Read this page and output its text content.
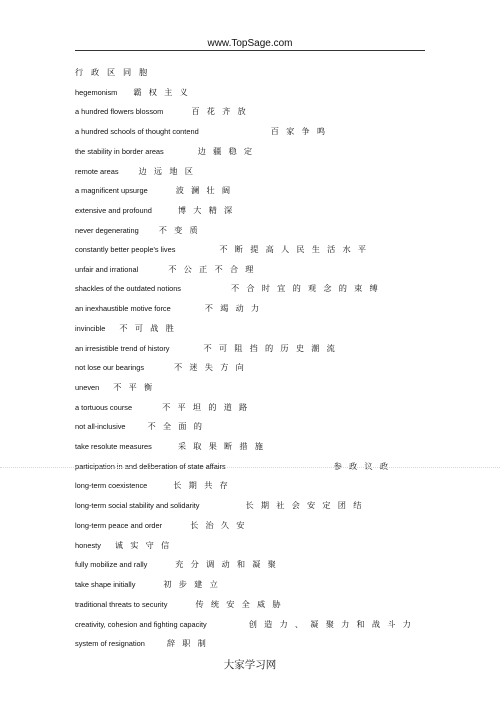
www.TopSage.com
行 政 区 同 胞
hegemonism 霸 权 主 义
a hundred flowers blossom	百 花 齐 放
a hundred schools of thought contend	百 家 争 鸣
the stability in border areas	边 疆 稳 定
remote areas 边 远 地 区
a magnificent upsurge	波 澜 壮 阔
extensive and profound	博 大 精 深
never degenerating 不 变 质
constantly better people's lives	不 断 提 高 人 民 生 活 水 平
unfair and irrational	不 公 正 不 合 理
shackles of the outdated notions	不 合 时 宜 的 观 念 的 束 缚
an inexhaustible motive force	不 竭 动 力
invincible 不 可 战 胜
an irresistible trend of history	不 可 阻 挡 的 历 史 潮 流
not lose our bearings	不 迷 失 方 向
uneven 不 平 衡
a tortuous course	不 平 坦 的 道 路
not all-inclusive	不 全 面 的
take resolute measures	采 取 果 断 措 施
participation in and deliberation of state affairs	参 政 议 政
long-term coexistence	长 期 共 存
long-term social stability and solidarity	长 期 社 会 安 定 团 结
long-term peace and order	长 治 久 安
honesty 诚 实 守 信
fully mobilize and rally	充 分 调 动 和 凝 聚
take shape initially	初 步 建 立
traditional threats to security	传 统 安 全 威 胁
creativity, cohesion and fighting capacity	创 造 力 、 凝 聚 力 和 战 斗 力
system of resignation	辞 职 制
大家学习网
